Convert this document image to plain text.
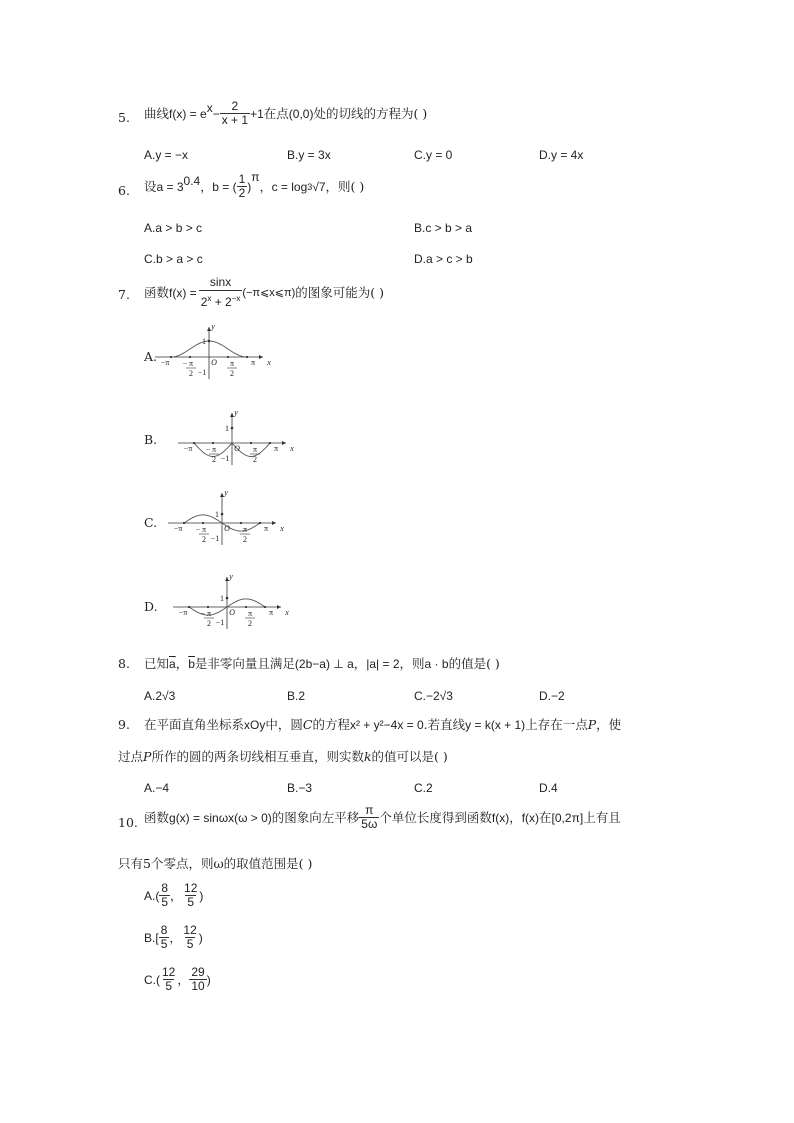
5. 曲线 $f(x) = e^x - \frac{2}{x + 1} +1$ 在点 (0,0) 处的切线的方程为( )
A.y = −x	B.y = 3x	C.y = 0	D.y = 4x
6. 设 $a = 3^{0.4}$ ，b = ( $\frac{1}{2}$ )
$^\pi$
，c = log 3 √7 ，则( )
A.a > b > c	B.c > b > a
C.b > a > c	D.a > c > b
7. 函数 $f(x) = \frac{\sin x}{2^x + 2^{-x}}$ (−π⩽x⩽π) 的图象可能为( )
A.
B.
C.
D.
−π	π
− π
2
π
2
O	x
y
1
−1
−π	π
− π
2
π
2
O	x
y
1
−1
−π	π
− π
2
π
2
O	x
y
1
−1
−π	π
− π
2
π
2
O	x
y
1
−1
8. 已知 $\overline{a}$ ， $\overline{b}$ 是非零向量且满足 (2b−a) ⊥ a ， |a| = 2 ，则 a · b 的值是( )
A.2√3	B.2	C.−2√3	D.−2
9. 在平面直角坐标系 xOy 中，圆 C 的方程 x² + y²−4x = 0 .若直线 y = k(x + 1) 上存在一点 P ，使
过点 P 所作的圆的两条切线相互垂直，则实数 k 的值可以是( )
A.−4	B.−3	C.2	D.4
10. 函数 g(x) = sinωx(ω > 0) 的图象向左平移 $\frac{\pi}{5\omega}$ 个单位长度得到函数 f(x) ， f(x) 在 [0,2π] 上有且
只有5个零点，则ω的取值范围是( )
A. ( $\frac{8}{5}$ ， $\frac{12}{5}$ )
B. [ $\frac{8}{5}$ ， $\frac{12}{5}$ )
C. ( $\frac{12}{5}$ ， $\frac{29}{10}$ )
